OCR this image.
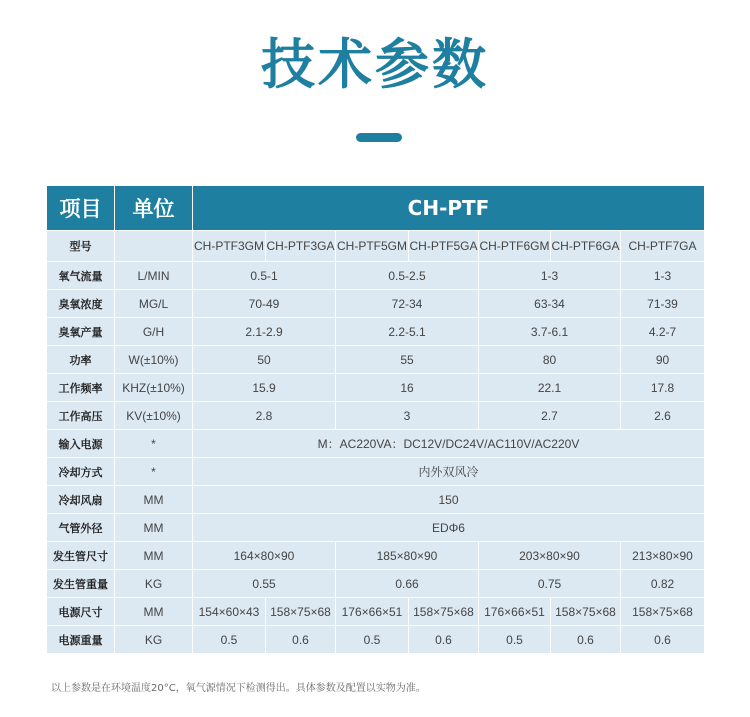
技术参数
项目	单位	CH-PTF						
型号		CH-PTF3GM	CH-PTF3GA	CH-PTF5GM	CH-PTF5GA	CH-PTF6GM	CH-PTF6GA	CH-PTF7GA
氧气流量	L/MIN	0.5-1		0.5-2.5		1-3		1-3
臭氧浓度	MG/L	70-49		72-34		63-34		71-39
臭氧产量	G/H	2.1-2.9		2.2-5.1		3.7-6.1		4.2-7
功率	W(±10%)	50		55		80		90
工作频率	KHZ(±10%)	15.9		16		22.1		17.8
工作高压	KV(±10%)	2.8		3		2.7		2.6
输入电源	*	M：AC220VA：DC12V/DC24V/AC110V/AC220V						
冷却方式	*	内外双风冷						
冷却风扇	MM	150						
气管外径	MM	EDΦ6						
发生管尺寸	MM	164×80×90		185×80×90		203×80×90		213×80×90
发生管重量	KG	0.55		0.66		0.75		0.82
电源尺寸	MM	154×60×43	158×75×68	176×66×51	158×75×68	176×66×51	158×75×68	158×75×68
电源重量	KG	0.5	0.6	0.5	0.6	0.5	0.6	0.6
以上参数是在环境温度20°C，氧气源情况下检测得出。具体参数及配置以实物为准。
